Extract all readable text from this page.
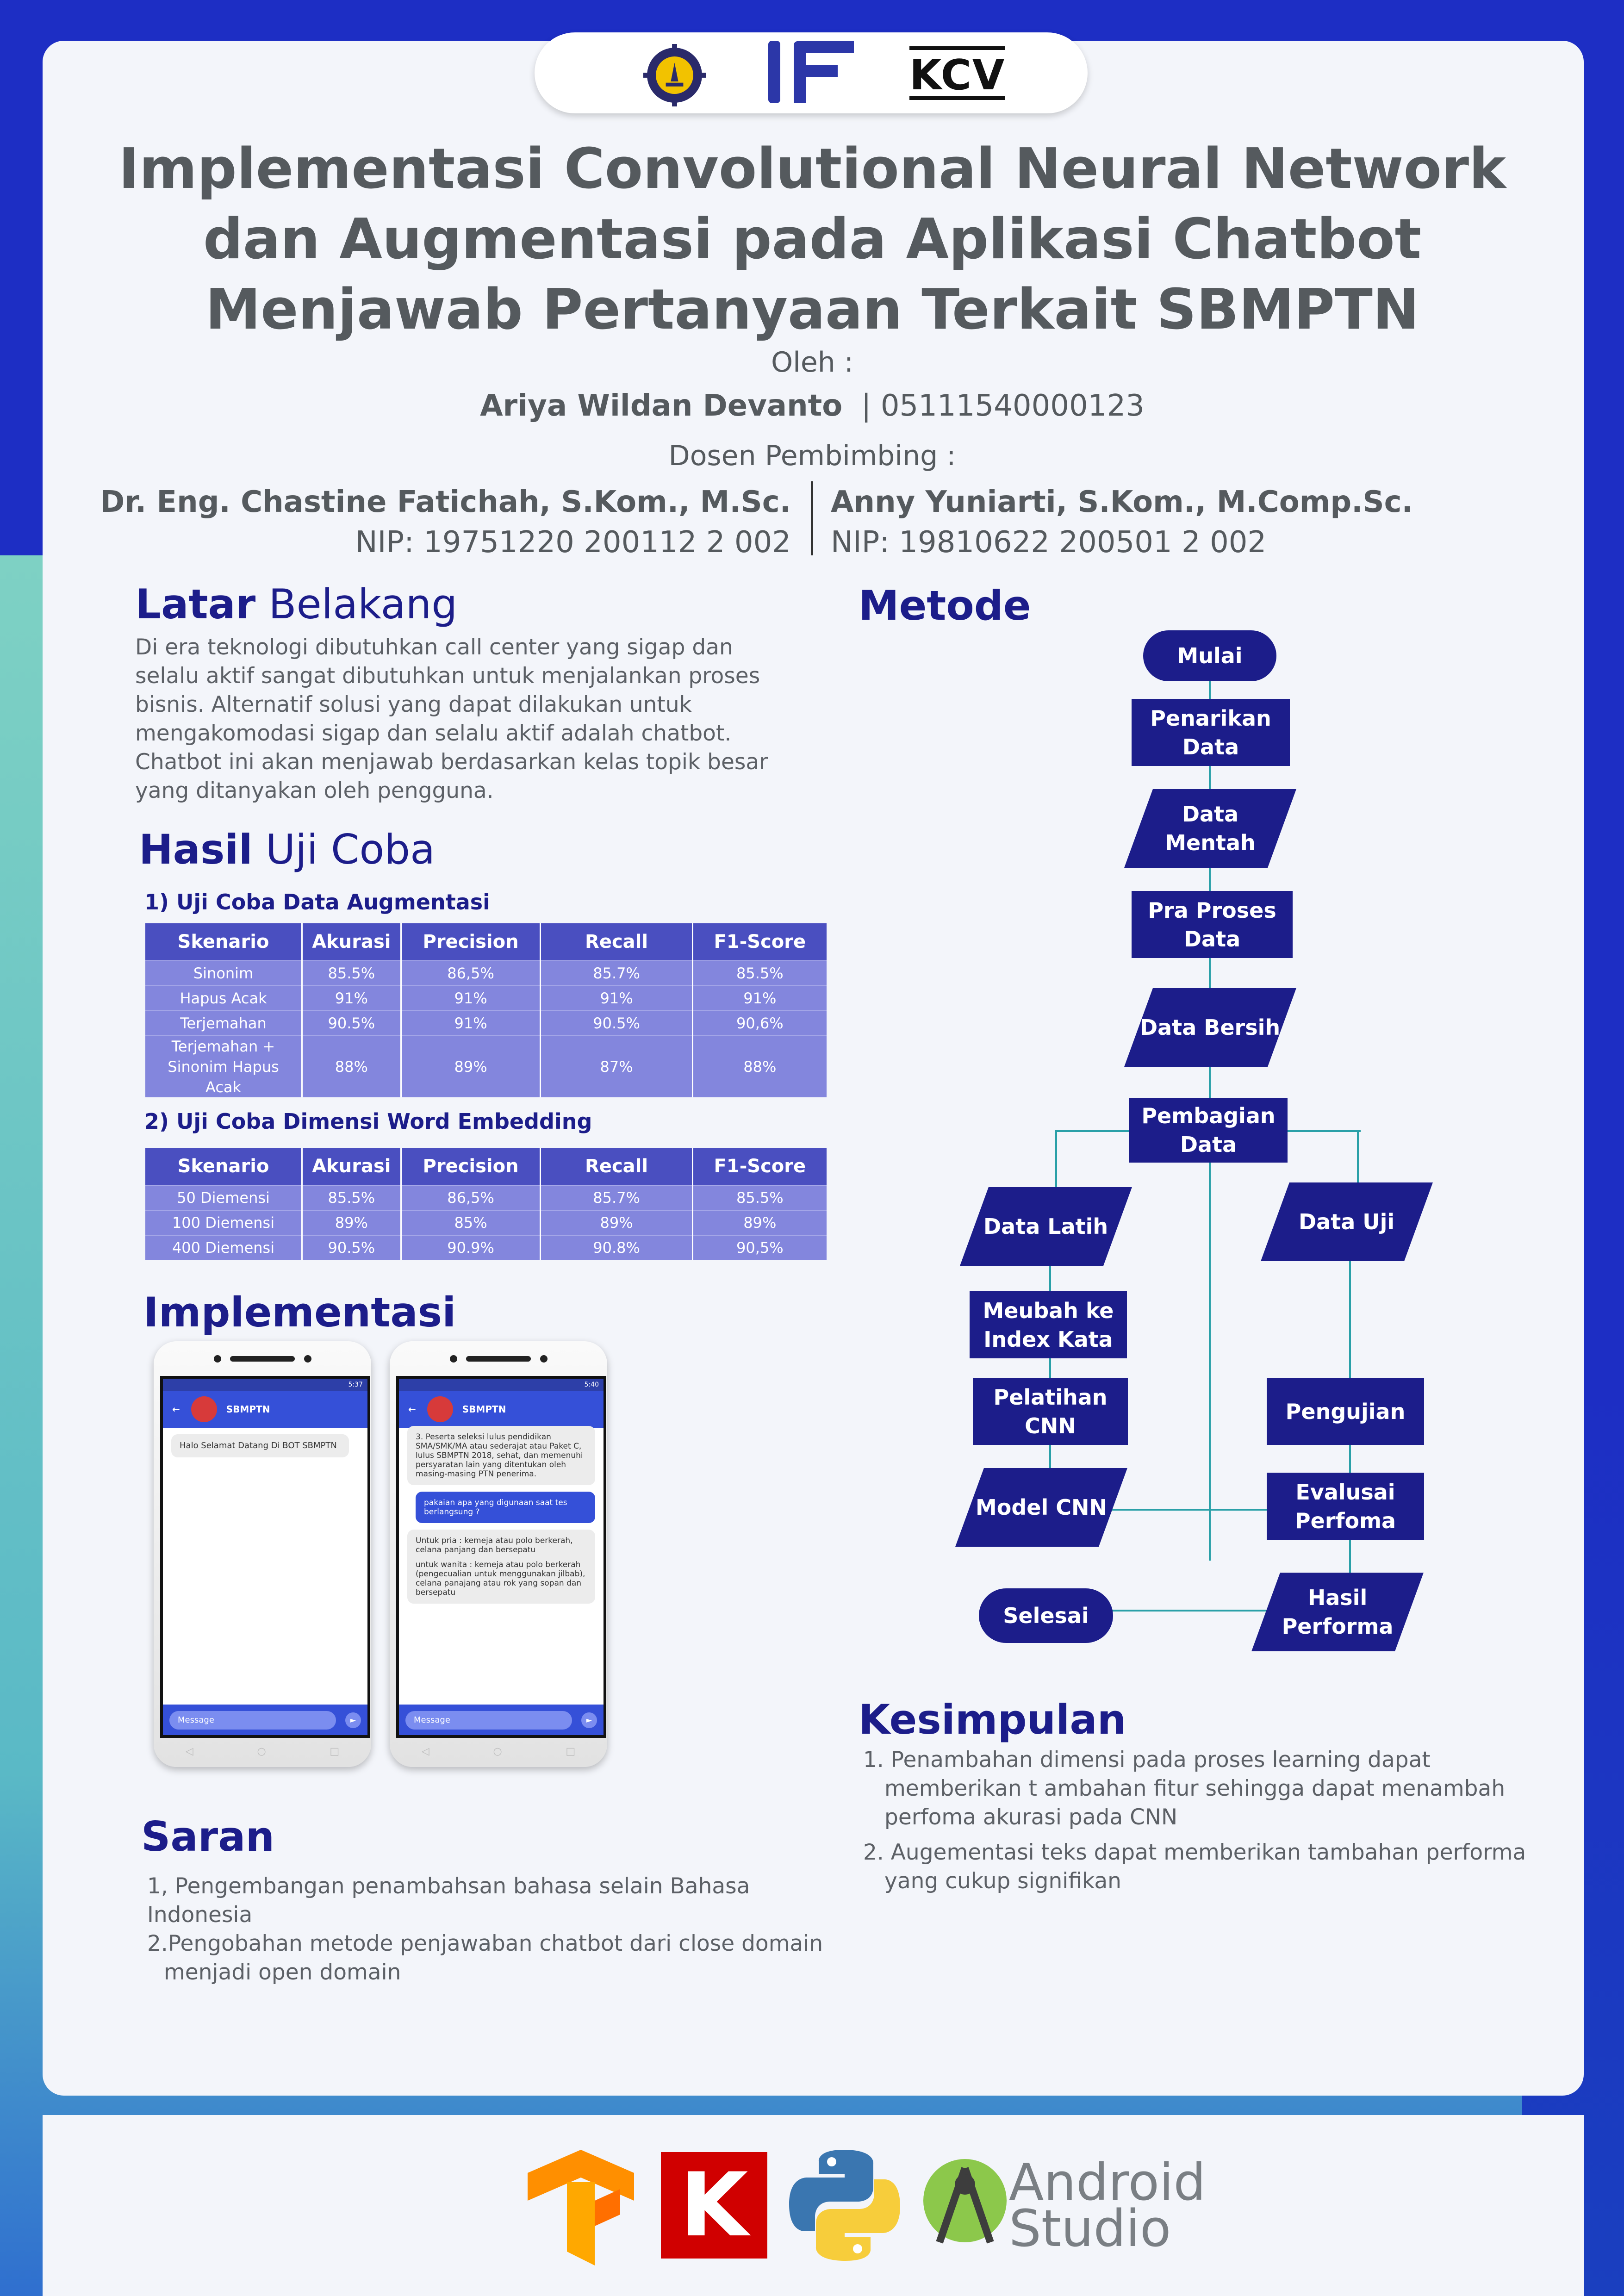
KCV
Implementasi Convolutional Neural Network dan Augmentasi pada Aplikasi Chatbot Menjawab Pertanyaan Terkait SBMPTN
Oleh :
Ariya Wildan Devanto | 05111540000123
Dosen Pembimbing :
Dr. Eng. Chastine Fatichah, S.Kom., M.Sc.
NIP: 19751220 200112 2 002
Anny Yuniarti, S.Kom., M.Comp.Sc.
NIP: 19810622 200501 2 002
Latar Belakang
Di era teknologi dibutuhkan call center yang sigap dan selalu aktif sangat dibutuhkan untuk menjalankan proses bisnis. Alternatif solusi yang dapat dilakukan untuk mengakomodasi sigap dan selalu aktif adalah chatbot. Chatbot ini akan menjawab berdasarkan kelas topik besar yang ditanyakan oleh pengguna.
Hasil Uji Coba
1) Uji Coba Data Augmentasi
Skenario	Akurasi	Precision	Recall	F1-Score
Sinonim	85.5%	86,5%	85.7%	85.5%
Hapus Acak	91%	91%	91%	91%
Terjemahan	90.5%	91%	90.5%	90,6%
Terjemahan + Sinonim Hapus Acak	88%	89%	87%	88%
2) Uji Coba Dimensi Word Embedding
Skenario	Akurasi	Precision	Recall	F1-Score
50 Diemensi	85.5%	86,5%	85.7%	85.5%
100 Diemensi	89%	85%	89%	89%
400 Diemensi	90.5%	90.9%	90.8%	90,5%
Implementasi
5:37
←	SBMPTN
Halo Selamat Datang Di BOT SBMPTN
Message	►
◁	○	□
5:40
←	SBMPTN
3. Peserta seleksi lulus pendidikan SMA/SMK/MA atau sederajat atau Paket C, lulus SBMPTN 2018, sehat, dan memenuhi persyaratan lain yang ditentukan oleh masing-masing PTN penerima.
pakaian apa yang digunaan saat tes berlangsung ?
Untuk pria : kemeja atau polo berkerah, celana panjang dan bersepatu
untuk wanita : kemeja atau polo berkerah (pengecualian untuk menggunakan jilbab), celana panajang atau rok yang sopan dan bersepatu
Message	►
◁	○	□
Saran
1, Pengembangan penambahsan bahasa selain Bahasa Indonesia
2.Pengobahan metode penjawaban chatbot dari close domain menjadi open domain
Metode
Mulai
Penarikan Data
Data Mentah
Pra Proses Data
Data Bersih
Pembagian Data
Data Latih	Data Uji
Meubah ke Index Kata
Pelatihan CNN
Pengujian
Model CNN
Evalusai Perfoma
Hasil Performa
Selesai
Kesimpulan
1. Penambahan dimensi pada proses learning dapat memberikan t ambahan fitur sehingga dapat menambah perfoma akurasi pada CNN
2. Augementasi teks dapat memberikan tambahan performa yang cukup signifikan
K	Android
Studio
